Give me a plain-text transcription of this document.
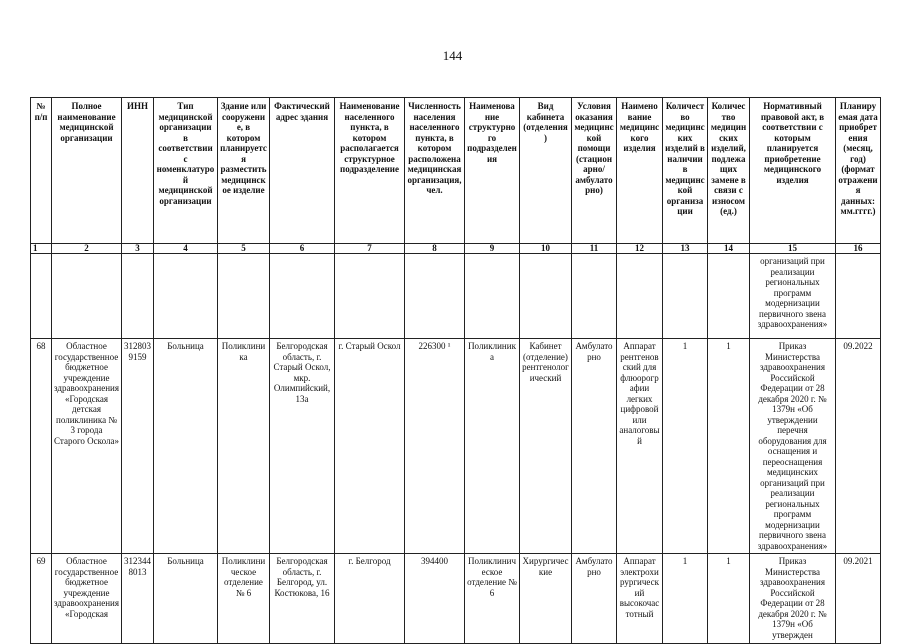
144
№ п/п	Полное наименование медицинской организации	ИНН	Тип медицинской организации в соответствии с номенклатурой медицинской организации	Здание или сооружение, в котором планируется разместить медицинское изделие	Фактический адрес здания	Наименование населенного пункта, в котором располагается структурное подразделение	Численность населения населенного пункта, в котором расположена медицинская организация, чел.	Наименование структурного подразделения	Вид кабинета (отделения)	Условия оказания медицинской помощи (стационарно/амбулаторно)	Наименование медицинского изделия	Количество медицинских изделий в наличии в медицинской организации	Количество медицинских изделий, подлежащих замене в связи с износом (ед.)	Нормативный правовой акт, в соответствии с которым планируется приобретение медицинского изделия	Планируемая дата приобретения (месяц, год) (формат отражения данных: мм.гггг.)
1	2	3	4	5	6	7	8	9	10	11	12	13	14	15	16
														организаций при реализации региональных программ модернизации первичного звена здравоохранения»	
68	Областное государственное бюджетное учреждение здравоохранения «Городская детская поликлиника № 3 города Старого Оскола»	3128039159	Больница	Поликлиника	Белгородская область, г. Старый Оскол, мкр. Олимпийский, 13а	г. Старый Оскол	226300 ¹	Поликлиника	Кабинет (отделение) рентгенологический	Амбулаторно	Аппарат рентгеновский для флюорографии легких цифровой или аналоговый	1	1	Приказ Министерства здравоохранения Российской Федерации от 28 декабря 2020 г. № 1379н «Об утверждении перечня оборудования для оснащения и переоснащения медицинских организаций при реализации региональных программ модернизации первичного звена здравоохранения»	09.2022
69	Областное государственное бюджетное учреждение здравоохранения «Городская	3123448013	Больница	Поликлиническое отделение № 6	Белгородская область, г. Белгород, ул. Костюкова, 16	г. Белгород	394400	Поликлиническое отделение № 6	Хирургические	Амбулаторно	Аппарат электрохирургический высокочастотный	1	1	Приказ Министерства здравоохранения Российской Федерации от 28 декабря 2020 г. № 1379н «Об утвержден	09.2021
